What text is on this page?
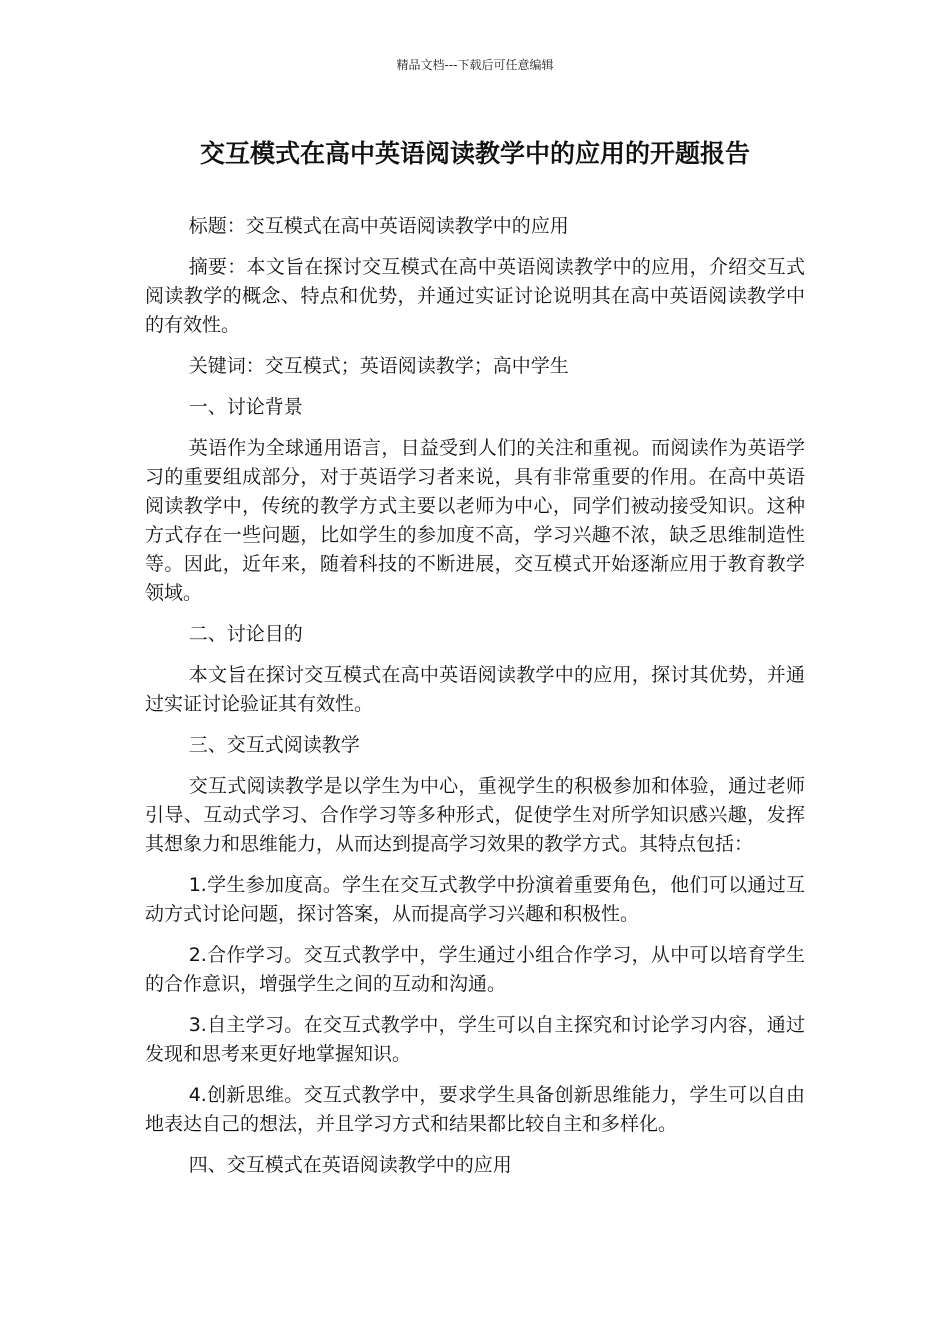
精品文档---下载后可任意编辑
交互模式在高中英语阅读教学中的应用的开题报告

标题：交互模式在高中英语阅读教学中的应用

摘要：本文旨在探讨交互模式在高中英语阅读教学中的应用，介绍交互式阅读教学的概念、特点和优势，并通过实证讨论说明其在高中英语阅读教学中的有效性。

关键词：交互模式；英语阅读教学；高中学生

一、讨论背景

英语作为全球通用语言，日益受到人们的关注和重视。而阅读作为英语学习的重要组成部分，对于英语学习者来说，具有非常重要的作用。在高中英语阅读教学中，传统的教学方式主要以老师为中心，同学们被动接受知识。这种方式存在一些问题，比如学生的参加度不高，学习兴趣不浓，缺乏思维制造性等。因此，近年来，随着科技的不断进展，交互模式开始逐渐应用于教育教学领域。

二、讨论目的

本文旨在探讨交互模式在高中英语阅读教学中的应用，探讨其优势，并通过实证讨论验证其有效性。

三、交互式阅读教学

交互式阅读教学是以学生为中心，重视学生的积极参加和体验，通过老师引导、互动式学习、合作学习等多种形式，促使学生对所学知识感兴趣，发挥其想象力和思维能力，从而达到提高学习效果的教学方式。其特点包括：

1.学生参加度高。学生在交互式教学中扮演着重要角色，他们可以通过互动方式讨论问题，探讨答案，从而提高学习兴趣和积极性。

2.合作学习。交互式教学中，学生通过小组合作学习，从中可以培育学生的合作意识，增强学生之间的互动和沟通。

3.自主学习。在交互式教学中，学生可以自主探究和讨论学习内容，通过发现和思考来更好地掌握知识。

4.创新思维。交互式教学中，要求学生具备创新思维能力，学生可以自由地表达自己的想法，并且学习方式和结果都比较自主和多样化。

四、交互模式在英语阅读教学中的应用
